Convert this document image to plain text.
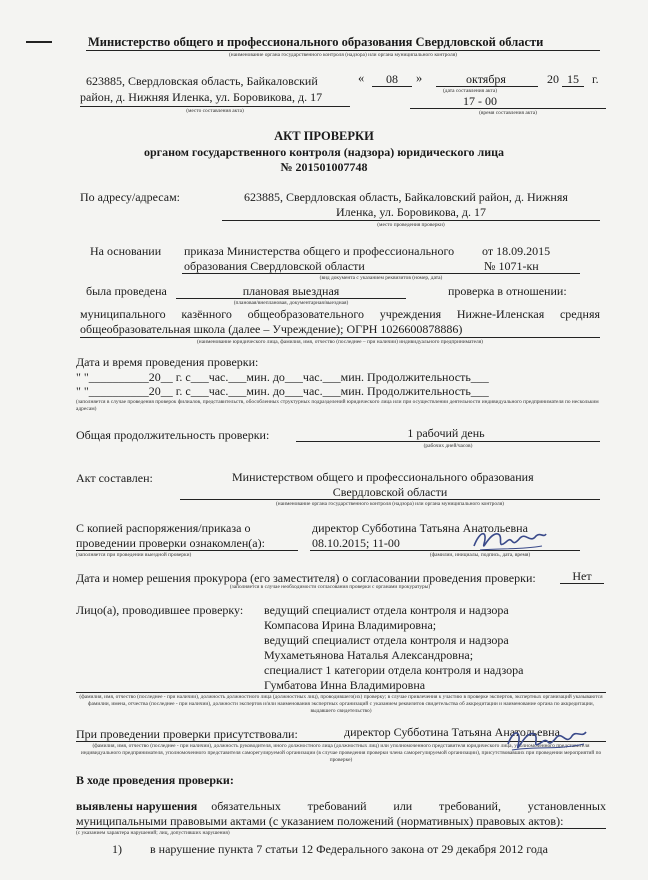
Министерство общего и профессионального образования Свердловской области
(наименование органа государственного контроля (надзора) или органа муниципального контроля)
623885, Свердловская область, Байкаловский
район, д. Нижняя Иленка, ул. Боровикова, д. 17
(место составления акта)
«	08	»	октября	20 15	г.
(дата составления акта)
17 - 00
(время составления акта)
АКТ ПРОВЕРКИ
органом государственного контроля (надзора) юридического лица
№ 201501007748
По адресу/адресам:	623885, Свердловская область, Байкаловский район, д. Нижняя
Иленка, ул. Боровикова, д. 17
(место проведения проверки)
На основании приказа Министерства общего и профессионального
образования Свердловской области
от 18.09.2015
№ 1071-кн
(вид документа с указанием реквизитов (номер, дата)
была проведена	плановая выездная
(плановая/внеплановая, документарная/выездная)
проверка в отношении:
муниципального казённого общеобразовательного учреждения Нижне-Иленская средняя
общеобразовательная школа (далее – Учреждение); ОГРН 1026600878886)
(наименование юридического лица, фамилия, имя, отчество (последнее – при наличии) индивидуального предпринимателя)
Дата и время проведения проверки:
" "__________20__ г. с___час.___мин. до___час.___мин. Продолжительность___
" "__________20__ г. с___час.___мин. до___час.___мин. Продолжительность___
(заполняется в случае проведения проверок филиалов, представительств, обособленных структурных подразделений юридического лица или при осуществлении деятельности индивидуального предпринимателя по нескольким адресам)
Общая продолжительность проверки:	1 рабочий день
(рабочих дней/часов)
Акт составлен:	Министерством общего и профессионального образования
Свердловской области
(наименование органа государственного контроля (надзора) или органа муниципального контроля)
С копией распоряжения/приказа о
проведении проверки ознакомлен(а):
(заполняется при проведении выездной проверки)
директор Субботина Татьяна Анатольевна
08.10.2015; 11-00
(фамилии, инициалы, подпись, дата, время)
Дата и номер решения прокурора (его заместителя) о согласовании проведения проверки:	Нет
(заполняется в случае необходимости согласования проверки с органами прокуратуры)
Лицо(а), проводившее проверку: ведущий специалист отдела контроля и надзора
Компасова Ирина Владимировна;
ведущий специалист отдела контроля и надзора
Мухаметьянова Наталья Александровна;
специалист 1 категории отдела контроля и надзора
Гумбатова Инна Владимировна
(фамилия, имя, отчество (последнее - при наличии), должность должностного лица (должностных лиц), проводившего(их) проверку; в случае привлечения к участию в проверке экспертов, экспертных организаций указываются фамилии, имена, отчества (последнее - при наличии), должности экспертов и/или наименования экспертных организаций с указанием реквизитов свидетельства об аккредитации и наименование органа по аккредитации, выдавшего свидетельство)
При проведении проверки присутствовали:	директор Субботина Татьяна Анатольевна
(фамилия, имя, отчество (последнее - при наличии), должность руководителя, иного должностного лица (должностных лиц) или уполномоченного представителя юридического лица, уполномоченного представителя индивидуального предпринимателя, уполномоченного представителя саморегулируемой организации (в случае проведения проверки члена саморегулируемой организации), присутствовавших при проведении мероприятий по проверке)
В ходе проведения проверки:
выявлены нарушения обязательных требований или требований, установленных
муниципальными правовыми актами (с указанием положений (нормативных) правовых актов):
(с указанием характера нарушений; лиц, допустивших нарушения)
1) в нарушение пункта 7 статьи 12 Федерального закона от 29 декабря 2012 года
